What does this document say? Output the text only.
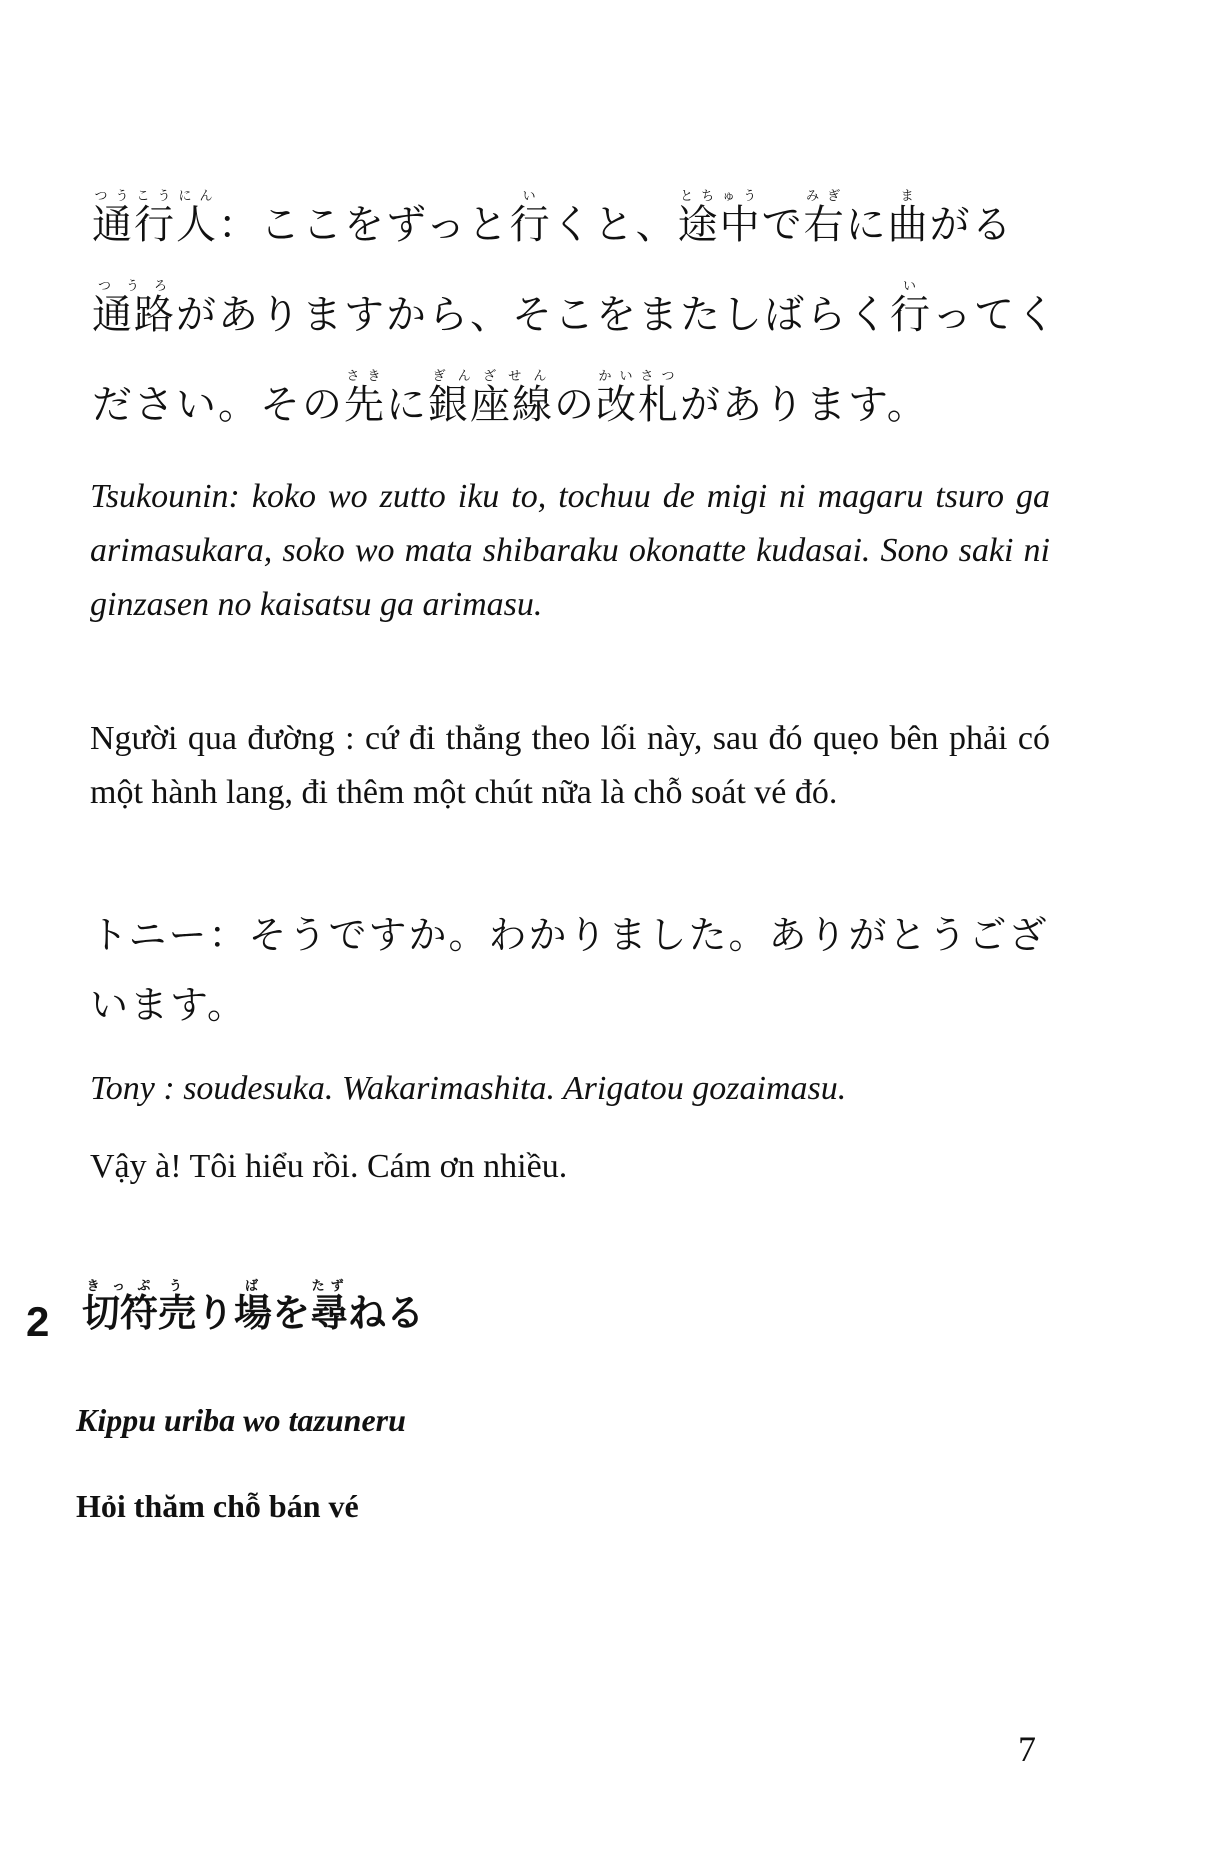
通行人つうこうにん：ここをずっと行いくと、途中とちゅうで右みぎに曲まがる
通路つうろがありますから、そこをまたしばらく行いってく
ださい。その先さきに銀座線ぎんざせんの改札かいさつがあります。
Tsukounin: koko wo zutto iku to, tochuu de migi ni magaru tsuro ga arimasukara, soko wo mata shibaraku okonatte kudasai. Sono saki ni ginzasen no kaisatsu ga arimasu.
Người qua đường : cứ đi thẳng theo lối này, sau đó quẹo bên phải có một hành lang, đi thêm một chút nữa là chỗ soát vé đó.
トニー：そうですか。わかりました。ありがとうございます。
Tony : soudesuka. Wakarimashita. Arigatou gozaimasu.
Vậy à! Tôi hiểu rồi. Cám ơn nhiều.
2 切符きっぷ売うり場ばを尋たずねる
Kippu uriba wo tazuneru
Hỏi thăm chỗ bán vé
7
